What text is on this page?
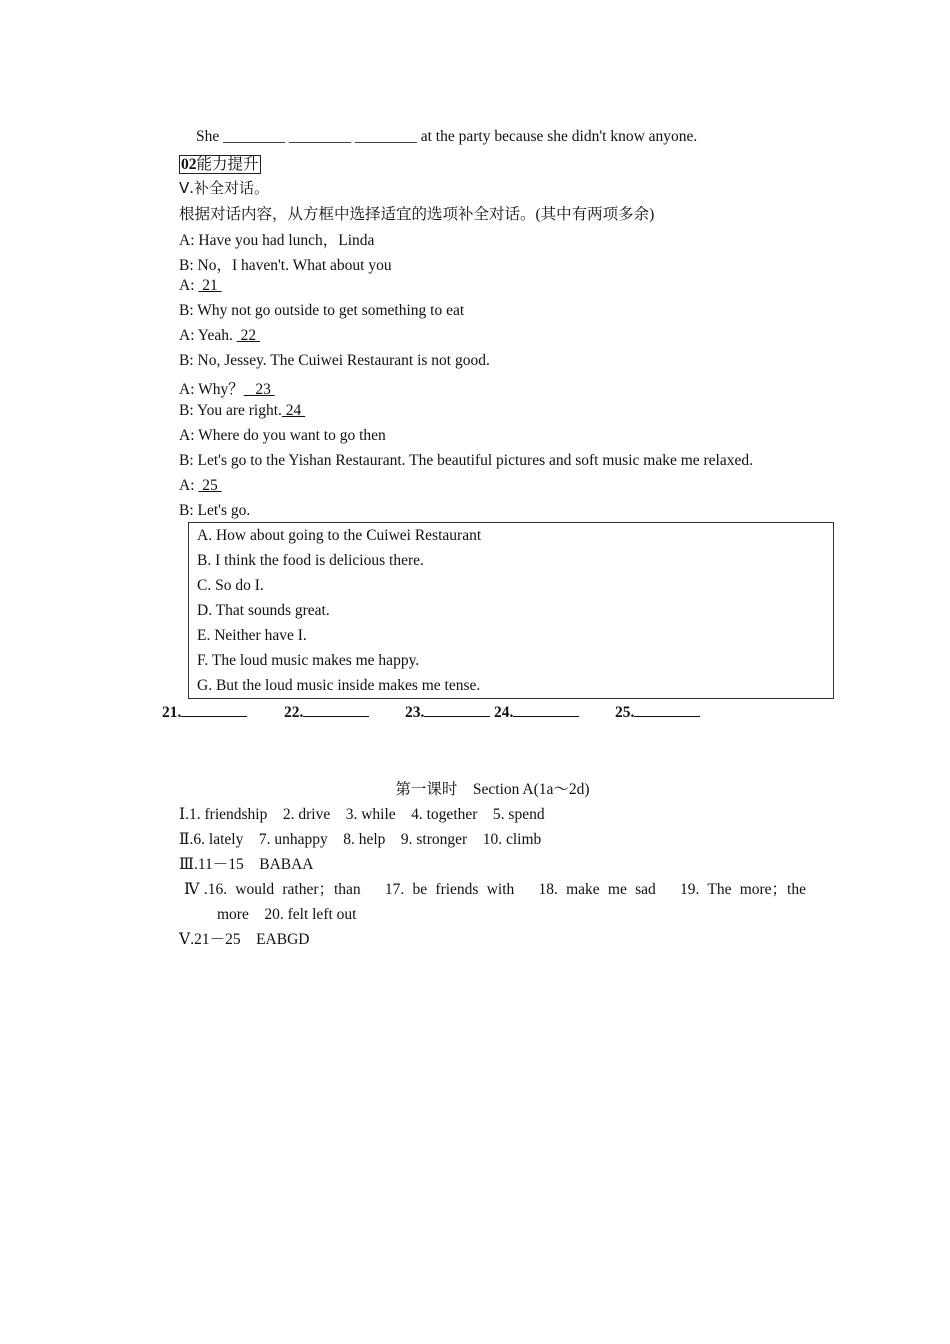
She ________ ________ ________ at the party because she didn't know anyone.
02能力提升
Ⅴ.补全对话。
根据对话内容，从方框中选择适宜的选项补全对话。(其中有两项多余)
A: Have you had lunch，Linda
B: No，I haven't. What about you
A:  21
B: Why not go outside to get something to eat
A: Yeah.  22
B: No, Jessey. The Cuiwei Restaurant is not good.
A: Why？   23
B: You are right. 24
A: Where do you want to go then
B: Let's go to the Yishan Restaurant. The beautiful pictures and soft music make me relaxed.
A:  25
B: Let's go.
A. How about going to the Cuiwei Restaurant
B. I think the food is delicious there.
C. So do I.
D. That sounds great.
E. Neither have I.
F. The loud music makes me happy.
G. But the loud music inside makes me tense.
21.	22.	23.	24.	25.
第一课时　Section A(1a～2d)
Ⅰ.1. friendship　2. drive　3. while　4. together　5. spend
Ⅱ.6. lately　7. unhappy　8. help　9. stronger　10. climb
Ⅲ.11－15　BABAA
Ⅳ.16. would rather；than　17. be friends with　18. make me sad　19. The more；the
more　20. felt left out
Ⅴ.21－25　EABGD
